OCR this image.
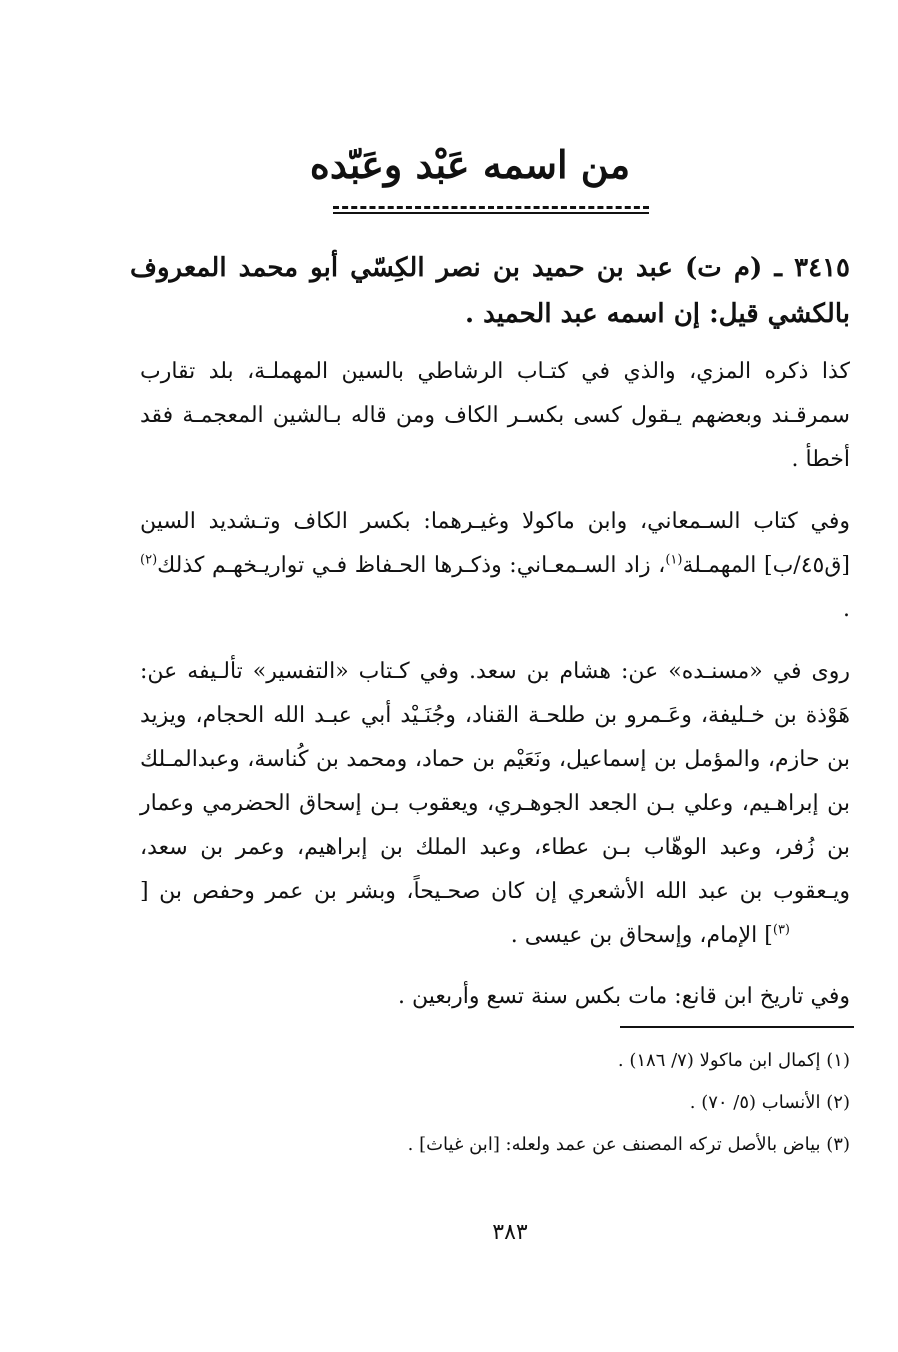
من اسمه عَبْد وعَبّده
٣٤١٥ ـ (م ت) عبد بن حميد بن نصر الكِسّي أبو محمد المعروف بالكشي قيل: إن اسمه عبد الحميد .
كذا ذكره المزي، والذي في كتـاب الرشاطي بالسين المهملـة، بلد تقارب سمرقـند وبعضهم يـقول كسى بكسـر الكاف ومن قاله بـالشين المعجمـة فقد أخطأ .
وفي كتاب السـمعاني، وابن ماكولا وغيـرهما: بكسر الكاف وتـشديد السين [ق٤٥/ب] المهمـلة$^{(١)}$، زاد السـمعـاني: وذكـرها الحـفاظ فـي تواريـخهـم كذلك$^{(٢)}$ .
روى في «مسنـده» عن: هشام بن سعد. وفي كـتاب «التفسير» تألـيفه عن: هَوْذة بن خـليفة، وعَـمرو بن طلحـة القناد، وجُنَـيْد أبي عبـد الله الحجام، ويزيد بن حازم، والمؤمل بن إسماعيل، ونَعَيْم بن حماد، ومحمد بن كُناسة، وعبدالمـلك بن إبراهـيم، وعلي بـن الجعد الجوهـري، ويعقوب بـن إسحاق الحضرمي وعمار بن زُفر، وعبد الوهّاب بـن عطاء، وعبد الملك بن إبراهيم، وعمر بن سعد، ويـعقوب بن عبد الله الأشعري إن كان صحـيحاً، وبشر بن عمر وحفص بن [$^{(٣)}$] الإمام، وإسحاق بن عيسى .
وفي تاريخ ابن قانع: مات بكس سنة تسع وأربعين .
(١) إكمال ابن ماكولا (٧/ ١٨٦) .
(٢) الأنساب (٥/ ٧٠) .
(٣) بياض بالأصل تركه المصنف عن عمد ولعله: [ابن غياث] .
٣٨٣
